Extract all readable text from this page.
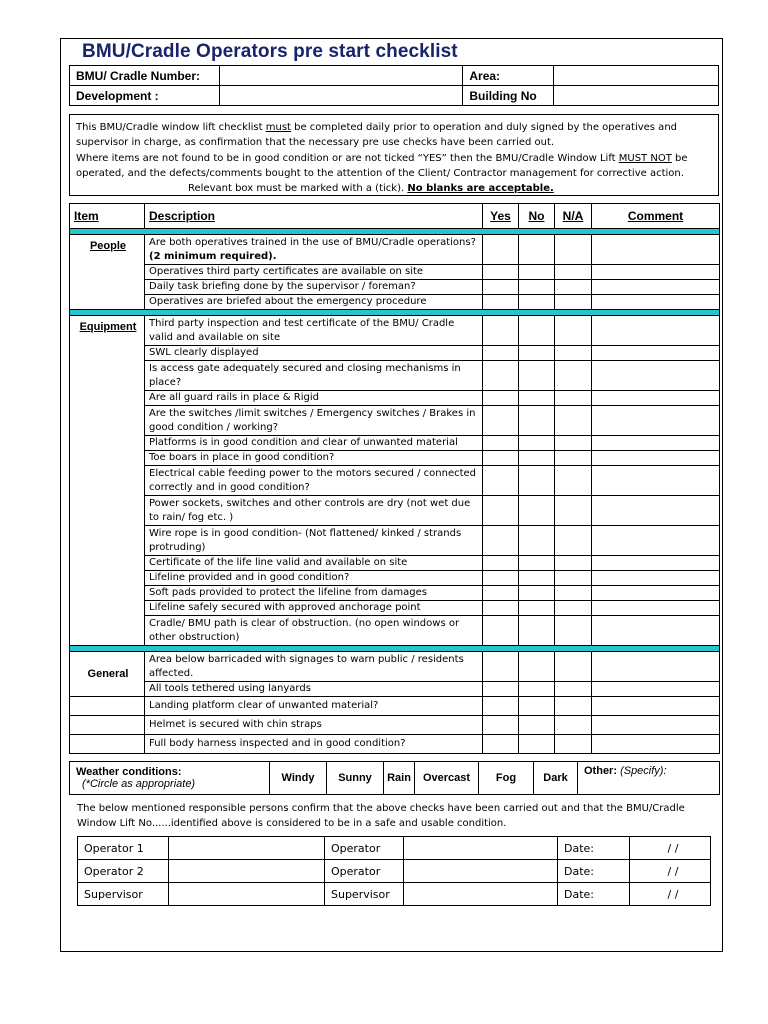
BMU/Cradle Operators pre start checklist
BMU/ Cradle Number:		Area:	
Development :		Building No	

This BMU/Cradle window lift checklist must be completed daily prior to operation and duly signed by the operatives and supervisor in charge, as confirmation that the necessary pre use checks have been carried out.

Where items are not found to be in good condition or are not ticked “YES” then the BMU/Cradle Window Lift MUST NOT be operated, and the defects/comments bought to the attention of the Client/ Contractor management for corrective action.Relevant box must be marked with a (tick). No blanks are acceptable.

Item	Description	Yes	No	N/A	Comment

People	Are both operatives trained in the use of BMU/Cradle operations? (2 minimum required).				
	Operatives third party certificates are available on site				
	Daily task briefing done by the supervisor / foreman?				
	Operatives are briefed about the emergency procedure				

Equipment	Third party inspection and test certificate of the BMU/ Cradle valid and available on site				
	SWL clearly displayed				
	Is access gate adequately secured and closing mechanisms in place?				
	Are all guard rails in place & Rigid				
	Are the switches /limit switches / Emergency switches / Brakes in good condition / working?				
	Platforms is in good condition and clear of unwanted material				
	Toe boars in place in good condition?				
	Electrical cable feeding power to the motors secured / connected correctly and in good condition?				
	Power sockets, switches and other controls are dry (not wet due to rain/ fog etc. )				
	Wire rope is in good condition- (Not flattened/ kinked / strands protruding)				
	Certificate of the life line valid and available on site				
	Lifeline provided and in good condition?				
	Soft pads provided to protect the lifeline from damages				
	Lifeline safely secured with approved anchorage point				
	Cradle/ BMU path is clear of obstruction. (no open windows or other obstruction)				

General	Area below barricaded with signages to warn public / residents affected.				
	All tools tethered using lanyards				
	Landing platform clear of unwanted material?				
	Helmet is secured with chin straps				
	Full body harness inspected and in good condition?				
Weather conditions:
(*Circle as appropriate)	Windy	Sunny	Rain	Overcast	Fog	Dark	Other: (Specify):
The below mentioned responsible persons confirm that the above checks have been carried out and that the BMU/Cradle Window Lift No......identified above is considered to be in a safe and usable condition.
Operator 1		Operator		Date:	/ /
Operator 2		Operator		Date:	/ /
Supervisor		Supervisor		Date:	/ /
